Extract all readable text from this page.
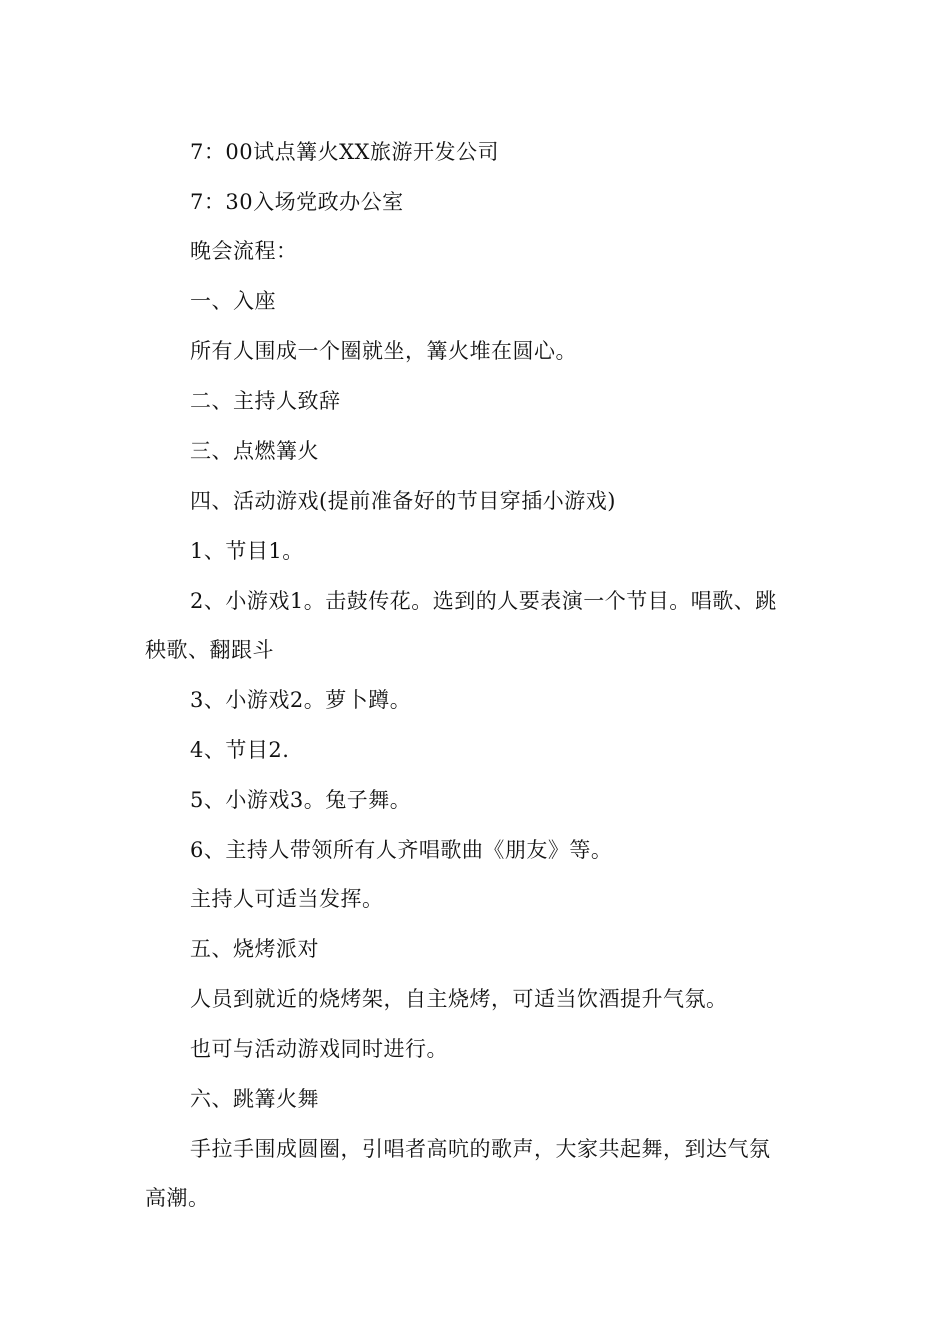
7：00试点篝火XX旅游开发公司
7：30入场党政办公室
晚会流程：
一、入座
所有人围成一个圈就坐，篝火堆在圆心。
二、主持人致辞
三、点燃篝火
四、活动游戏(提前准备好的节目穿插小游戏)
1、节目1。
2、小游戏1。击鼓传花。选到的人要表演一个节目。唱歌、跳
秧歌、翻跟斗
3、小游戏2。萝卜蹲。
4、节目2.
5、小游戏3。兔子舞。
6、主持人带领所有人齐唱歌曲《朋友》等。
主持人可适当发挥。
五、烧烤派对
人员到就近的烧烤架，自主烧烤，可适当饮酒提升气氛。
也可与活动游戏同时进行。
六、跳篝火舞
手拉手围成圆圈，引唱者高吭的歌声，大家共起舞，到达气氛
高潮。
